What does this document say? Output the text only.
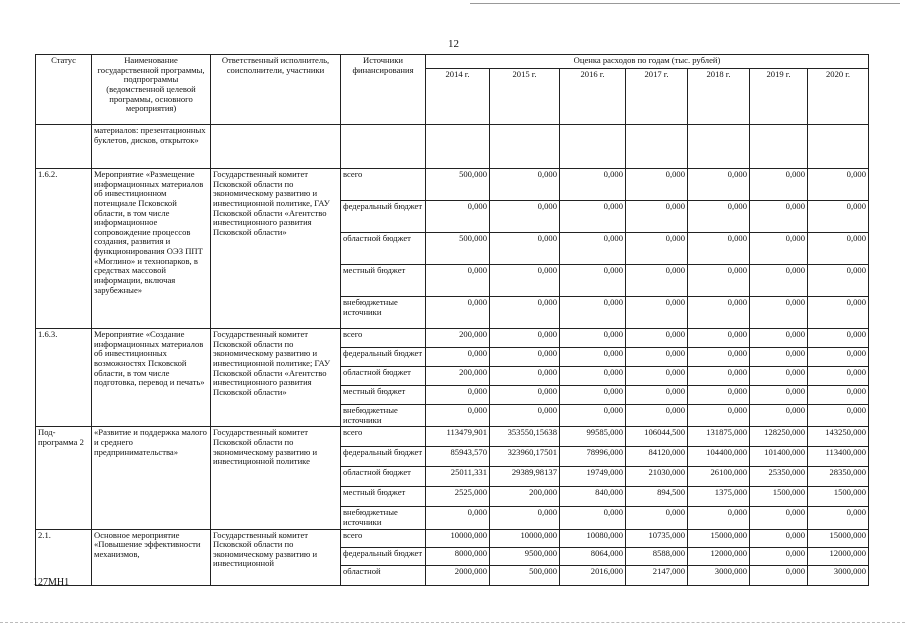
12
Статус	Наименование государственной программы, подпрограммы (ведомственной целевой программы, основного мероприятия)	Ответственный исполнитель, соисполнители, участники	Источники финансирования	Оценка расходов по годам (тыс. рублей)						
				2014 г.	2015 г.	2016 г.	2017 г.	2018 г.	2019 г.	2020 г.
	материалов: презентационных буклетов, дисков, открыток»									
1.6.2.	Мероприятие «Размещение информационных материалов об инвестиционном потенциале Псковской области, в том числе информационное сопровождение процессов создания, развития и функционирования ОЭЗ ППТ «Моглино» и технопарков, в средствах массовой информации, включая зарубежные»	Государственный комитет Псковской области по экономическому развитию и инвестиционной политике, ГАУ Псковской области «Агентство инвестиционного развития Псковской области»	всего	500,000	0,000	0,000	0,000	0,000	0,000	0,000
			федеральный бюджет	0,000	0,000	0,000	0,000	0,000	0,000	0,000
			областной бюджет	500,000	0,000	0,000	0,000	0,000	0,000	0,000
			местный бюджет	0,000	0,000	0,000	0,000	0,000	0,000	0,000
			внебюджетные источники	0,000	0,000	0,000	0,000	0,000	0,000	0,000
1.6.3.	Мероприятие «Создание информационных материалов об инвестиционных возможностях Псковской области, в том числе подготовка, перевод и печать»	Государственный комитет Псковской области по экономическому развитию и инвестиционной политике; ГАУ Псковской области «Агентство инвестиционного развития Псковской области»	всего	200,000	0,000	0,000	0,000	0,000	0,000	0,000
			федеральный бюджет	0,000	0,000	0,000	0,000	0,000	0,000	0,000
			областной бюджет	200,000	0,000	0,000	0,000	0,000	0,000	0,000
			местный бюджет	0,000	0,000	0,000	0,000	0,000	0,000	0,000
			внебюджетные источники	0,000	0,000	0,000	0,000	0,000	0,000	0,000
Под-программа 2	«Развитие и поддержка малого и среднего предпринимательства»	Государственный комитет Псковской области по экономическому развитию и инвестиционной политике	всего	113479,901	353550,15638	99585,000	106044,500	131875,000	128250,000	143250,000
			федеральный бюджет	85943,570	323960,17501	78996,000	84120,000	104400,000	101400,000	113400,000
			областной бюджет	25011,331	29389,98137	19749,000	21030,000	26100,000	25350,000	28350,000
			местный бюджет	2525,000	200,000	840,000	894,500	1375,000	1500,000	1500,000
			внебюджетные источники	0,000	0,000	0,000	0,000	0,000	0,000	0,000
2.1.	Основное мероприятие «Повышение эффективности механизмов,	Государственный комитет Псковской области по экономическому развитию и инвестиционной	всего	10000,000	10000,000	10080,000	10735,000	15000,000	0,000	15000,000
			федеральный бюджет	8000,000	9500,000	8064,000	8588,000	12000,000	0,000	12000,000
			областной	2000,000	500,000	2016,000	2147,000	3000,000	0,000	3000,000
127МН1
